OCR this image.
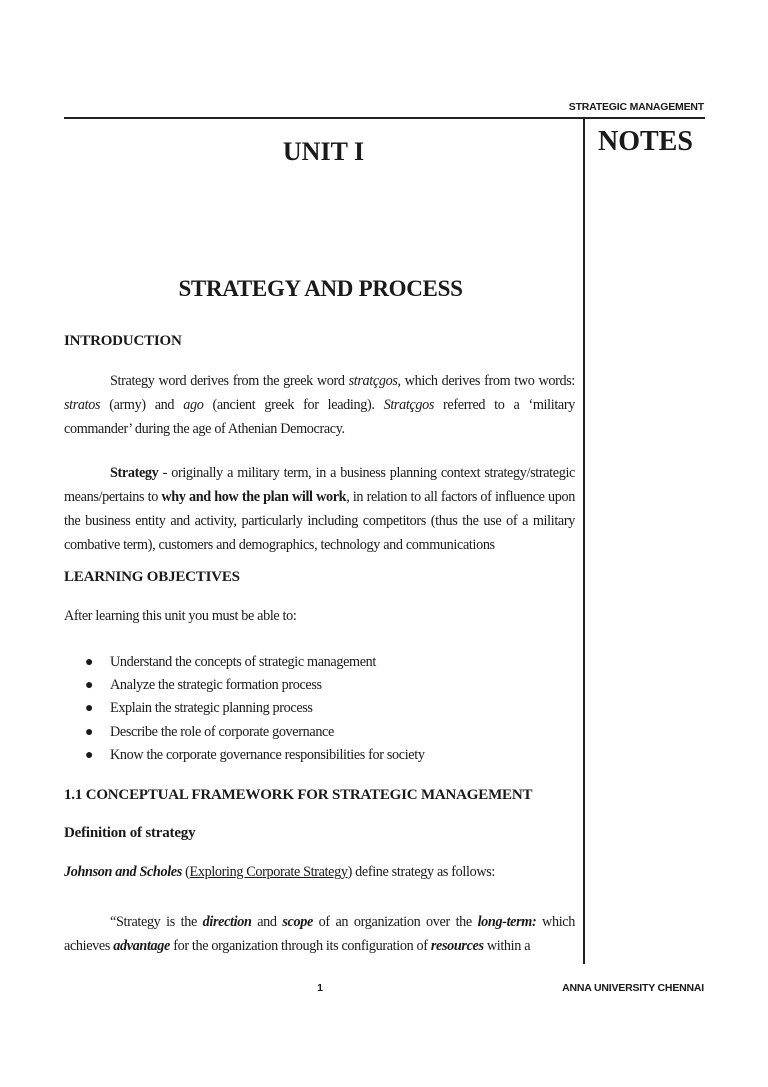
STRATEGIC MANAGEMENT
UNIT I	NOTES
STRATEGY AND PROCESS
INTRODUCTION
Strategy word derives from the greek word stratçgos, which derives from two words: stratos (army) and ago (ancient greek for leading). Stratçgos referred to a ‘military commander’ during the age of Athenian Democracy.
Strategy - originally a military term, in a business planning context strategy/strategic means/pertains to why and how the plan will work, in relation to all factors of influence upon the business entity and activity, particularly including competitors (thus the use of a military combative term), customers and demographics, technology and communications
LEARNING OBJECTIVES
After learning this unit you must be able to:
● Understand the concepts of strategic management
● Analyze the strategic formation process
● Explain the strategic planning process
● Describe the role of corporate governance
● Know the corporate governance responsibilities for society
1.1 CONCEPTUAL FRAMEWORK FOR STRATEGIC MANAGEMENT
Definition of strategy
Johnson and Scholes (Exploring Corporate Strategy) define strategy as follows:
“Strategy is the direction and scope of an organization over the long-term: which achieves advantage for the organization through its configuration of resources within a
1	ANNA UNIVERSITY CHENNAI
